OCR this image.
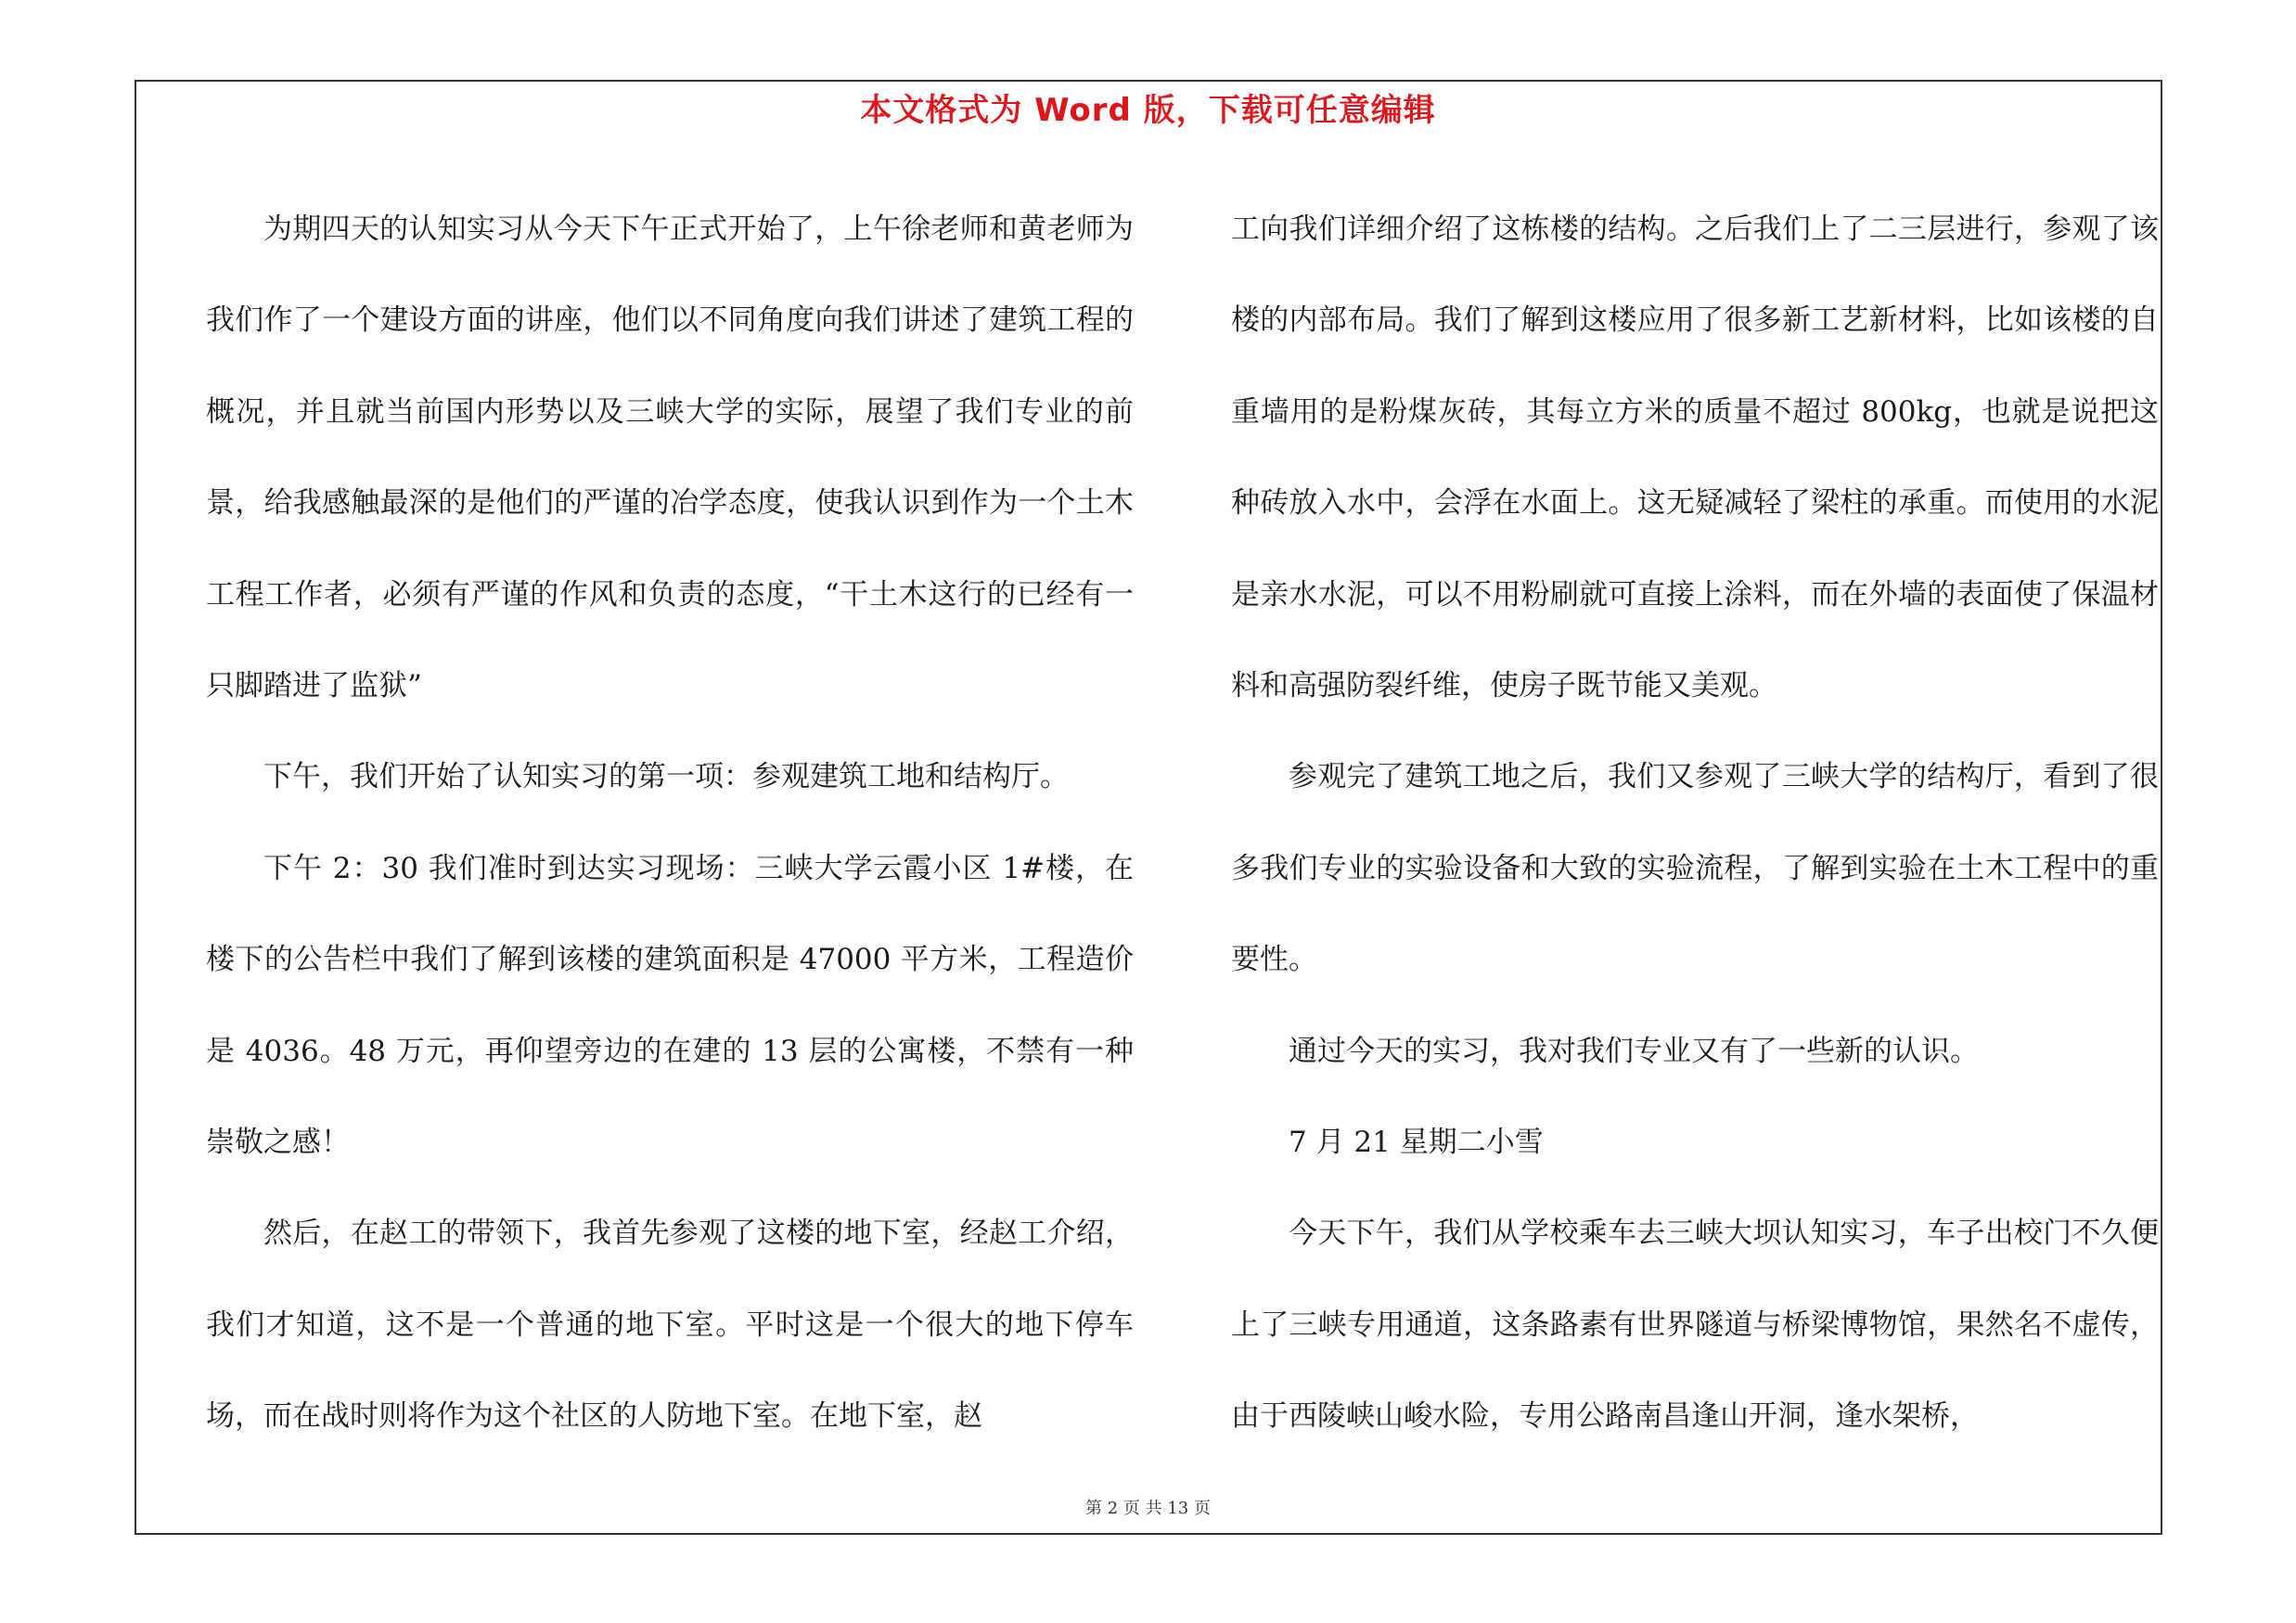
本文格式为 Word 版，下载可任意编辑

为期四天的认知实习从今天下午正式开始了，上午徐老师和黄老师为我们作了一个建设方面的讲座，他们以不同角度向我们讲述了建筑工程的概况，并且就当前国内形势以及三峡大学的实际，展望了我们专业的前景，给我感触最深的是他们的严谨的冶学态度，使我认识到作为一个土木工程工作者，必须有严谨的作风和负责的态度，“干土木这行的已经有一只脚踏进了监狱”

下午，我们开始了认知实习的第一项：参观建筑工地和结构厅。

下午 2：30 我们准时到达实习现场：三峡大学云霞小区 1#楼，在楼下的公告栏中我们了解到该楼的建筑面积是 47000 平方米，工程造价是 4036。48 万元，再仰望旁边的在建的 13 层的公寓楼，不禁有一种崇敬之感！

然后，在赵工的带领下，我首先参观了这楼的地下室，经赵工介绍，我们才知道，这不是一个普通的地下室。平时这是一个很大的地下停车场，而在战时则将作为这个社区的人防地下室。在地下室，赵

工向我们详细介绍了这栋楼的结构。之后我们上了二三层进行，参观了该楼的内部布局。我们了解到这楼应用了很多新工艺新材料，比如该楼的自重墙用的是粉煤灰砖，其每立方米的质量不超过 800kg，也就是说把这种砖放入水中，会浮在水面上。这无疑减轻了梁柱的承重。而使用的水泥是亲水水泥，可以不用粉刷就可直接上涂料，而在外墙的表面使了保温材料和高强防裂纤维，使房子既节能又美观。

参观完了建筑工地之后，我们又参观了三峡大学的结构厅，看到了很多我们专业的实验设备和大致的实验流程，了解到实验在土木工程中的重要性。

通过今天的实习，我对我们专业又有了一些新的认识。

7 月 21 星期二小雪

今天下午，我们从学校乘车去三峡大坝认知实习，车子出校门不久便上了三峡专用通道，这条路素有世界隧道与桥梁博物馆，果然名不虚传，由于西陵峡山峻水险，专用公路南昌逢山开洞，逢水架桥，

第 2 页 共 13 页
